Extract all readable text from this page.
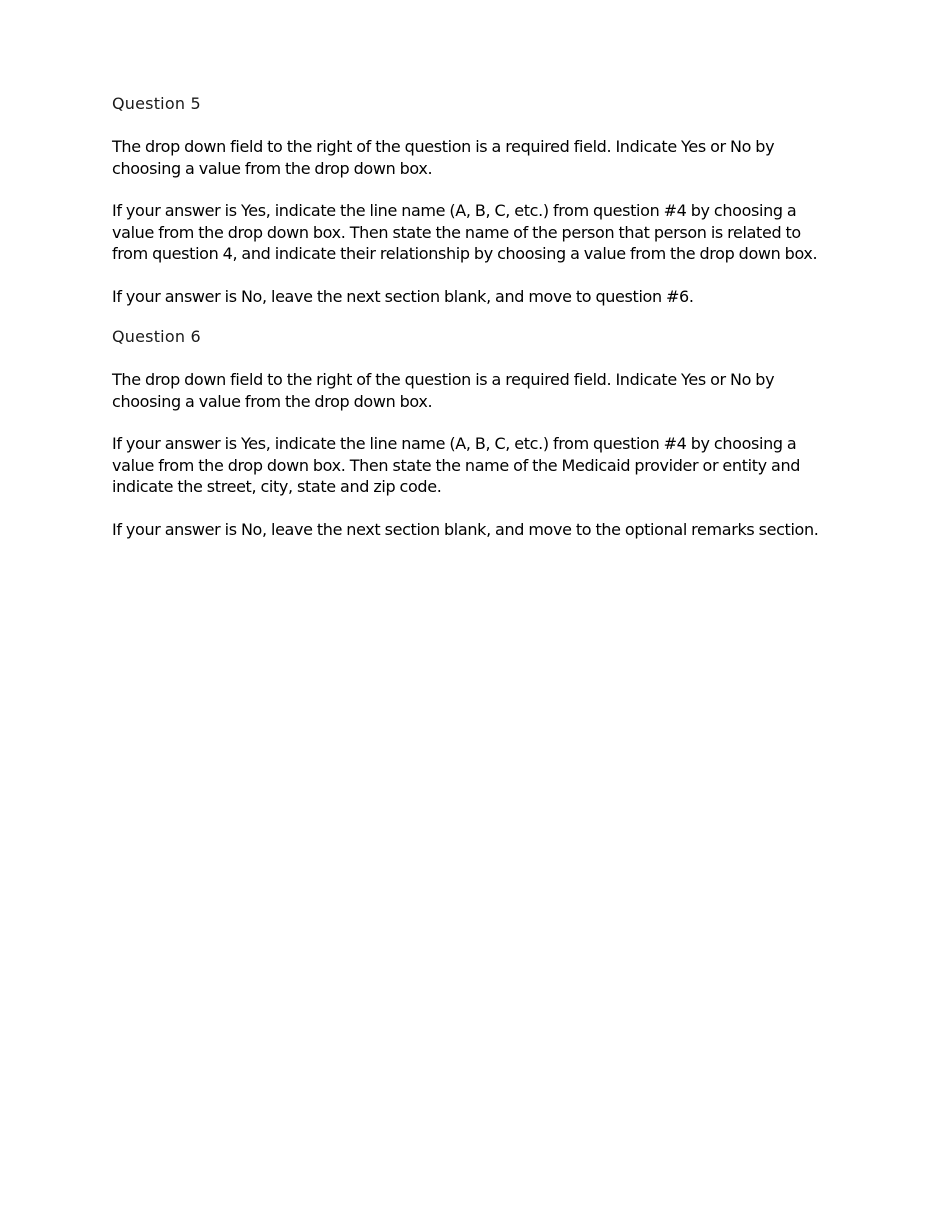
Question 5

The drop down field to the right of the question is a required field. Indicate Yes or No by choosing a value from the drop down box.

If your answer is Yes, indicate the line name (A, B, C, etc.) from question #4 by choosing a value from the drop down box. Then state the name of the person that person is related to from question 4, and indicate their relationship by choosing a value from the drop down box.

If your answer is No, leave the next section blank, and move to question #6.

Question 6

The drop down field to the right of the question is a required field. Indicate Yes or No by choosing a value from the drop down box.

If your answer is Yes, indicate the line name (A, B, C, etc.) from question #4 by choosing a value from the drop down box. Then state the name of the Medicaid provider or entity and indicate the street, city, state and zip code.

If your answer is No, leave the next section blank, and move to the optional remarks section.
